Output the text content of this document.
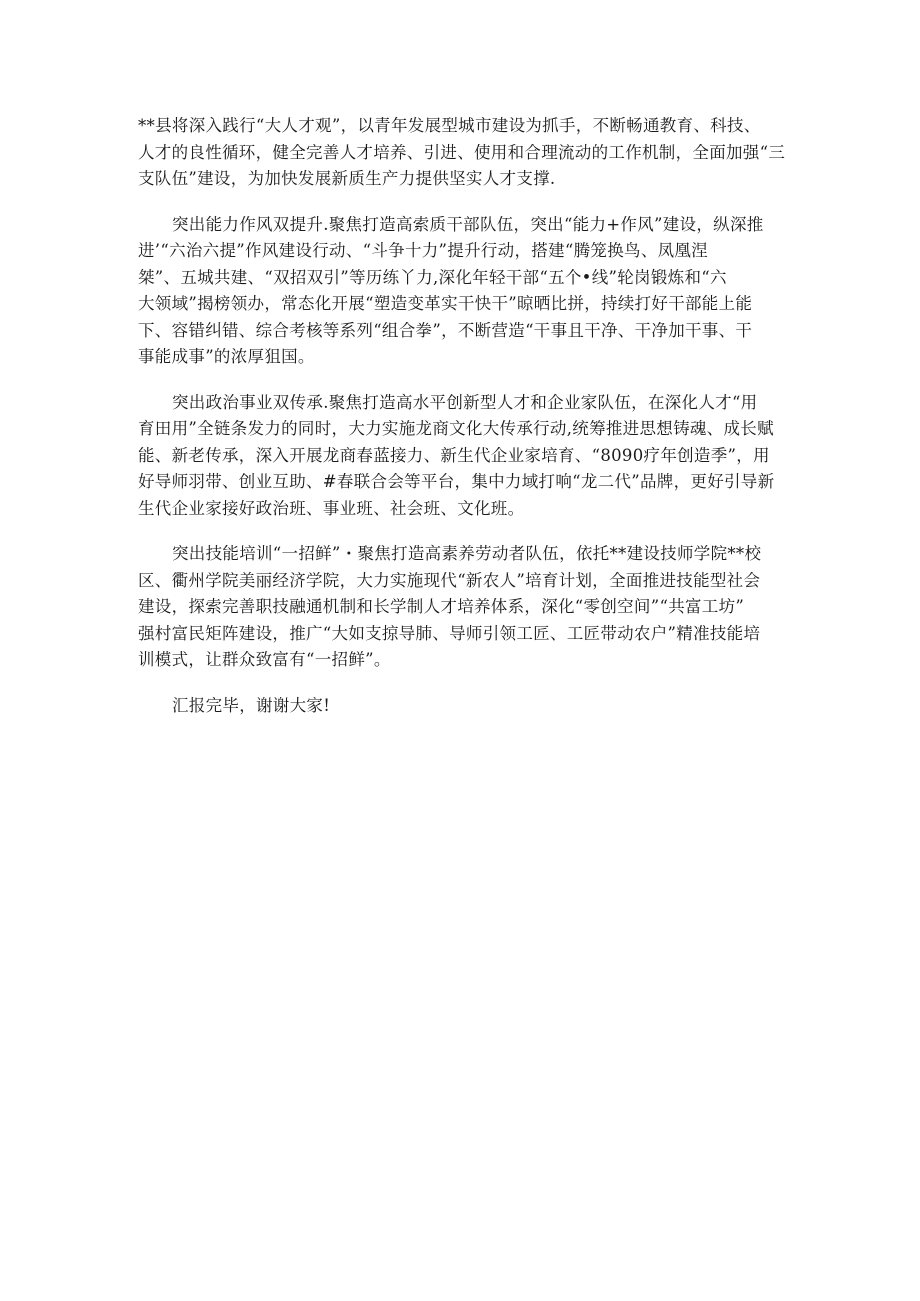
**县将深入践行“大人才观”，以青年发展型城市建设为抓手，不断畅通教育、科技、
人才的良性循环，健全完善人才培养、引进、使用和合理流动的工作机制，全面加强“三
支队伍”建设，为加快发展新质生产力提供坚实人才支撑.

突出能力作风双提升.聚焦打造高索质干部队伍，突出“能力+作风”建设，纵深推
进’“六治六提”作风建设行动、“斗争十力”提升行动，搭建“腾笼换鸟、凤凰涅
桀”、五城共建、“双招双引”等历练丫力,深化年轻干部“五个•线”轮岗锻炼和“六
大领域”揭榜领办，常态化开展“塑造变革实干快干”晾晒比拼，持续打好干部能上能
下、容错纠错、综合考核等系列“组合拳”，不断营造“干事且干净、干净加干事、干
事能成事”的浓厚狙国。

突出政治事业双传承.聚焦打造高水平创新型人才和企业家队伍，在深化人才“用
育田用”全链条发力的同时，大力实施龙商文化大传承行动,统筹推进思想铸魂、成长赋
能、新老传承，深入开展龙商春蓝接力、新生代企业家培育、“8090疗年创造季”，用
好导师羽带、创业互助、#春联合会等平台，集中力域打响“龙二代”品牌，更好引导新
生代企业家接好政治班、事业班、社会班、文化班。

突出技能培训“一招鲜”・聚焦打造高素养劳动者队伍，依托**建设技师学院**校
区、衢州学院美丽经济学院，大力实施现代“新农人”培育计划，全面推进技能型社会
建设，探索完善职技融通机制和长学制人才培养体系，深化“零创空间”“共富工坊”
强村富民矩阵建设，推广“大如支掠导肺、导师引领工匠、工匠带动农户”精准技能培
训模式，让群众致富有“一招鲜”。

汇报完毕，谢谢大家!
